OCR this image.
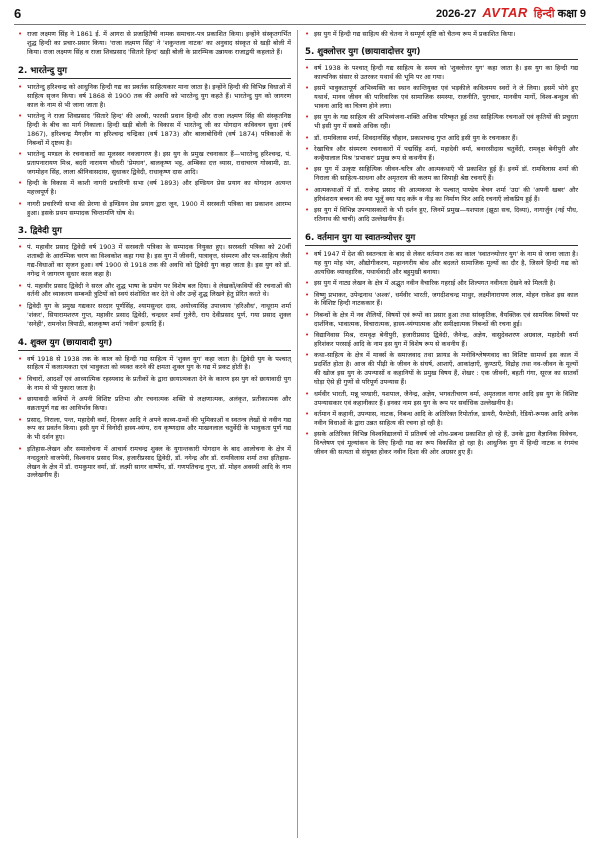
6	2026-27 AVTAR हिन्दी कक्षा 9
• राजा लक्ष्मण सिंह ने 1861 ई. में आगरा से प्रजाहितैषी नामक समाचार-पत्र प्रकाशित किया। इन्होंने संस्कृतगर्भित शुद्ध हिन्दी का प्रचार-प्रसार किया। 'राजा लक्ष्मण सिंह' ने 'शकुन्तला नाटक' का अनुवाद संस्कृत से खड़ी बोली में किया। राजा लक्ष्मण सिंह व राजा शिवप्रसाद 'सितारे हिन्द' खड़ी बोली के प्रारम्भिक उन्नायक राजाद्वयी कहलाते हैं।
2. भारतेन्दु युग
• भारतेन्दु हरिश्चन्द्र को आधुनिक हिन्दी गद्य का प्रवर्तक साहित्यकार माना जाता है। इन्होंने हिन्दी की विभिन्न विधाओं में साहित्य सृजन किया। वर्ष 1868 से 1900 तक की अवधि को भारतेन्दु युग कहते हैं। भारतेन्दु युग को जागरण काल के नाम से भी जाना जाता है।
• भारतेन्दु ने राजा शिवप्रसाद 'सितारे हिन्द' की अरबी, फारसी प्रधान हिन्दी और राजा लक्ष्मण सिंह की संस्कृतनिष्ठ हिन्दी के बीच का मार्ग निकाला। हिन्दी खड़ी बोली के विकास में भारतेन्दु जी का योगदान कविवचन सुधा (वर्ष 1867), हरिश्चन्द्र मैगज़ीन या हरिश्चन्द्र चन्द्रिका (वर्ष 1873) और बालाबोधिनी (वर्ष 1874) पत्रिकाओं के निबन्धों में दृष्टव्य है।
• भारतेन्दु मण्डल के रचनाकारों का मूलस्वर नवजागरण है। इस युग के प्रमुख रचनाकार हैं—भारतेन्दु हरिश्चन्द्र, पं. प्रतापनारायण मिश्र, बदरी नारायण चौधरी 'प्रेमघन', बालकृष्ण भट्ट, अम्बिका दत्त व्यास, राधाचरण गोस्वामी, ठा. जगमोहन सिंह, लाला श्रीनिवासदास, सुधाकर द्विवेदी, राधाकृष्ण दास आदि।
• हिन्दी के विकास में काशी नागरी प्रचारिणी सभा (वर्ष 1893) और इण्डियन प्रेस प्रयाग का योगदान अत्यन्त महत्त्वपूर्ण है।
• नागरी प्रचारिणी सभा की प्रेरणा से इण्डियन प्रेस प्रयाग द्वारा जून, 1900 में सरस्वती पत्रिका का प्रकाशन आरम्भ हुआ। इसके प्रथम सम्पादक चिन्तामणि घोष थे।
3. द्विवेदी युग
• पं. महावीर प्रसाद द्विवेदी वर्ष 1903 में सरस्वती पत्रिका के सम्पादक नियुक्त हुए। सरस्वती पत्रिका को 20वीं शताब्दी के आरम्भिक चरण का विश्वकोश कहा गया है। इस युग में जीवनी, यात्रावृत्त, संस्मरण और पत्र-साहित्य जैसी गद्य-विधाओं का सृजन हुआ। वर्ष 1900 से 1918 तक की अवधि को द्विवेदी युग कहा जाता है। इस युग को डॉ. नगेन्द्र ने जागरण सुधार काल कहा है।
• पं. महावीर प्रसाद द्विवेदी ने सरल और शुद्ध भाषा के प्रयोग पर विशेष बल दिया। वे लेखकों/कवियों की रचनाओं की वर्तनी और व्याकरण सम्बन्धी त्रुटियों को स्वयं संशोधित कर देते थे और उन्हें शुद्ध लिखने हेतु प्रेरित करते थे।
• द्विवेदी युग के प्रमुख गद्यकार सरदार पूर्णसिंह, श्यामसुन्दर दास, अयोध्यासिंह उपाध्याय 'हरिऔध', नाथूराम शर्मा 'शंकर', सियारामशरण गुप्त, महावीर प्रसाद द्विवेदी, चन्द्रधर शर्मा गुलेरी, राय देवीप्रसाद पूर्ण, गया प्रसाद शुक्ल 'सनेही', रामनरेश त्रिपाठी, बालकृष्ण शर्मा 'नवीन' इत्यादि हैं।
4. शुक्ल युग (छायावादी युग)
• वर्ष 1918 से 1938 तक के काल को हिन्दी गद्य साहित्य में 'शुक्ल युग' कहा जाता है। द्विवेदी युग के पश्चात् साहित्य में कलात्मकता एवं भावुकता को व्यक्त करने की क्षमता शुक्ल युग के गद्य में प्रकट होती है।
• विचारों, आदर्शों एवं आध्यात्मिक रहस्यवाद के प्रतीकों के द्वारा छायात्मकता देने के कारण इस युग को छायावादी युग के नाम से भी पुकारा जाता है।
• छायावादी कवियों ने अपनी विशिष्ट प्रतिभा और रचनात्मक शक्ति से लक्षणात्मक, अलंकृत, प्रतीकात्मक और वक्रतापूर्ण गद्य का आविर्भाव किया।
• प्रसाद, निराला, पन्त, महादेवी वर्मा, दिनकर आदि ने अपने काव्य-ग्रन्थों की भूमिकाओं व स्वतन्त्र लेखों से नवीन गद्य रूप का प्रवर्तन किया। इसी युग में विनोदी हास्य-व्यंग्य, राय कृष्णदास और माखनलाल चतुर्वेदी के भावुकता पूर्ण गद्य के भी दर्शन हुए।
• इतिहास-लेखन और समालोचना में आचार्य रामचन्द्र शुक्ल के युगान्तकारी योगदान के बाद आलोचना के क्षेत्र में नन्ददुलारे वाजपेयी, विश्वनाथ प्रसाद मिश्र, हजारीप्रसाद द्विवेदी, डॉ. नगेन्द्र और डॉ. रामविलास शर्मा तथा इतिहास-लेखन के क्षेत्र में डॉ. रामकुमार वर्मा, डॉ. लक्ष्मी सागर वार्ष्णेय, डॉ. गणपतिचन्द्र गुप्त, डॉ. मोहन अवस्थी आदि के नाम उल्लेखनीय हैं।
• इस युग में हिन्दी गद्य साहित्य की चेतना ने सम्पूर्ण सृष्टि को चैतन्य रूप में प्रकाशित किया।
5. शुक्लोत्तर युग (छायावादोत्तर युग)
• वर्ष 1938 के पश्चात् हिन्दी गद्य साहित्य के समय को 'शुक्लोत्तर युग' कहा जाता है। इस युग का हिन्दी गद्य काल्पनिक संसार से उतरकर यथार्थ की भूमि पर आ गया।
• इसमें भावुकतापूर्ण अभिव्यक्ति का स्थान कान्तियुक्त एवं भड़कीले कवित्वमय स्वरों ने ले लिया। इसमें भोगे हुए यथार्थ, मानव जीवन की पारिवारिक एवं सामाजिक समस्या, राजनीति, पुराचार, मानवीय मार्गो, विश्व-बन्धुत्व की भावना आदि का चित्रण होने लगा।
• इस युग के गद्य साहित्य की अभिव्यंजना-शक्ति अधिक परिष्कृत हुई तथा साहित्यिक रचनाओं एवं कृतियों की प्रचुरता भी इसी युग में सबसे अधिक रही।
• डॉ. रामविलास शर्मा, शिवदानसिंह चौहान, प्रकाशचन्द्र गुप्त आदि इसी युग के रचनाकार हैं।
• रेखाचित्र और संस्मरण रचनाकारों में पद्मसिंह शर्मा, महादेवी वर्मा, बनारसीदास चतुर्वेदी, रामवृक्ष बेनीपुरी और कन्हैयालाल मिश्र 'प्रभाकर' प्रमुख रूप से कथनीय हैं।
• इस युग में उत्कृष्ट साहित्यिक जीवन-चरित्र और आत्मकथाएँ भी प्रकाशित हुई हैं। इनमें डॉ. रामविलास शर्मा की निराला की साहित्य-साधना और अमृतराय की कलम का सिपाही श्रेष्ठ रचनाएँ हैं।
• आत्मकथाओं में डॉ. राजेन्द्र प्रसाद की आत्मकथा के पश्चात् पाण्डेय बेचन शर्मा 'उग्र' की 'अपनी खबर' और हरिवंशराय बच्चन की क्या भूलूँ क्या याद करूँ व नीड़ का निर्माण फिर आदि रचनाएँ लोकप्रिय हुई हैं।
• इस युग में विभिन्न उपन्यासकारों के भी दर्शन हुए, जिनमें प्रमुख—यशपाल (झूठा सच, दिव्या), नागार्जुन (नई पौध, रतिनाथ की चाची) आदि उल्लेखनीय हैं।
6. वर्तमान युग या स्वातन्त्र्योत्तर युग
• वर्ष 1947 में देश की स्वतन्त्रता के बाद से लेकर वर्तमान तक का काल 'स्वातन्त्र्योत्तर युग' के नाम से जाना जाता है। यह युग मोह भंग, औद्योगीकरण, महानगरीय बोध और बदलते सामाजिक मूल्यों का दौर है, जिसने हिन्दी गद्य को अत्यधिक व्यावहारिक, यथार्थवादी और बहुमुखी बनाया।
• इस युग में नाट्य लेखन के क्षेत्र में अद्भुत नवीन वैचारिक गहराई और शिल्पगत नवीनता देखने को मिलती है।
• विष्णु प्रभाकर, उपेन्द्रनाथ 'अश्क', धर्मवीर भारती, जगदीशचन्द्र माथुर, लक्ष्मीनारायण लाल, मोहन राकेश इस काल के विशिष्ट हिन्दी नाटककार हैं।
• निबन्धों के क्षेत्र में नव शैलियों, विषयों एवं रूपों का प्रसार हुआ तथा सांस्कृतिक, वैयक्तिक एवं सामयिक विषयों पर दार्शनिक, भावात्मक, विचारात्मक, हास्य-व्यंग्यात्मक और समीक्षात्मक निबन्धों की रचना हुई।
• विद्यानिवास मिश्र, रामवृक्ष बेनीपुरी, हजारीप्रसाद द्विवेदी, जैनेन्द्र, अज्ञेय, वासुदेवशरण अग्रवाल, महादेवी वर्मा हरिशंकर परसाई आदि के नाम इस युग में विशेष रूप से कथनीय हैं।
• कथा-साहित्य के क्षेत्र में मार्क्स के समाजवाद तथा फ्रायड के मनोविश्लेषणवाद का विशिष्ट सामर्थ्य इस काल में प्रदर्शित होता है। आज की पीढ़ी के जीवन के संघर्ष, आशाएँ, आकांक्षाएँ, कुण्ठाएँ, विद्रोह तथा नव-जीवन के मूल्यों की खोज इस युग के उपन्यासों व कहानियों के प्रमुख विषय हैं, शेखर : एक जीवनी, बहती गंगा, सूरज का सातवाँ घोड़ा ऐसे ही गुणों से परिपूर्ण उपन्यास हैं।
• धर्मवीर भारती, मन्नू भण्डारी, यशपाल, जैनेन्द्र, अज्ञेय, भगवतीचरण वर्मा, अमृतलाल नागर आदि इस युग के विशिष्ट उपन्यासकार एवं कहानीकार हैं। इनका नाम इस युग के रूप पर सर्वाधिक उल्लेखनीय है।
• वर्तमान में कहानी, उपन्यास, नाटक, निबन्ध आदि के अतिरिक्त रिपोर्ताज, डायरी, फैण्टेसी, रेडियो-रूपक आदि अनेक नवीन विधाओं के द्वारा उन्नत साहित्य की रचना हो रही है।
• इसके अतिरिक्त विभिन्न विश्वविद्यालयों में प्रतिवर्ष जो शोध-प्रबन्ध प्रकाशित हो रहे हैं, उनके द्वारा वैज्ञानिक विवेचन, विश्लेषण एवं मूल्यांकन के लिए हिन्दी गद्य का रूप विकसित हो रहा है। आधुनिक युग में हिन्दी नाटक व रंगमंच जीवन की सत्यता से संयुक्त होकर नवीन दिशा की ओर अग्रसर हुए हैं।
